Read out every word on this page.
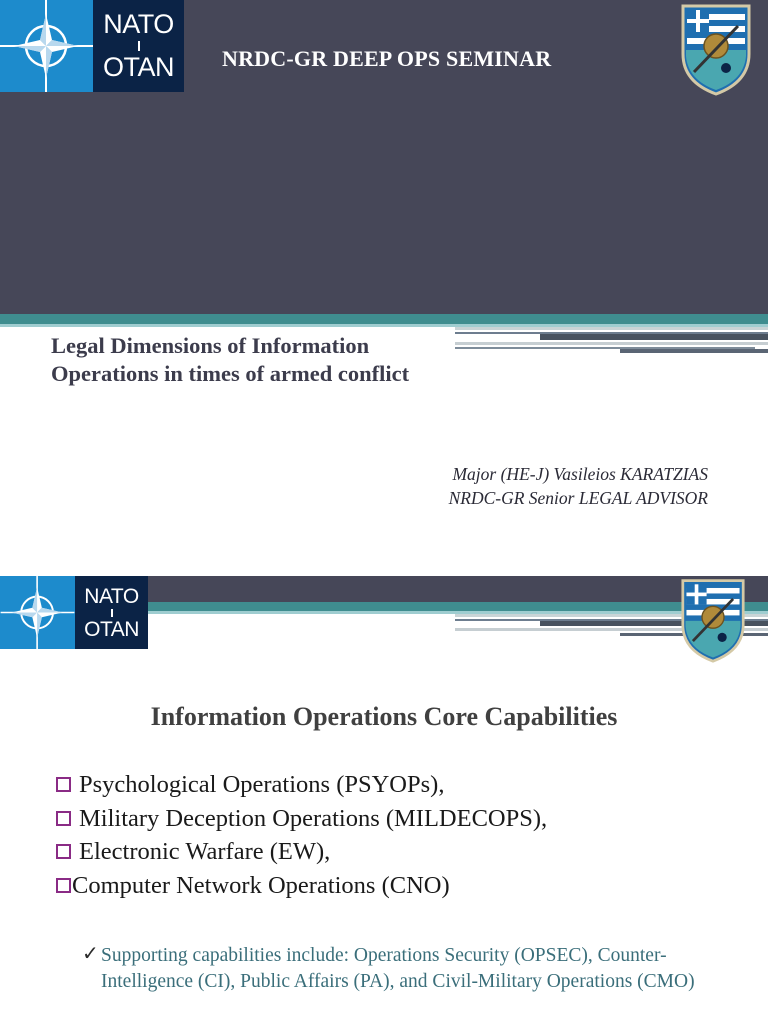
NATO
OTAN NRDC-GR DEEP OPS SEMINAR
Legal Dimensions of Information Operations in times of armed conflict
Major (HE-J) Vasileios KARATZIAS
NRDC-GR Senior LEGAL ADVISOR
NATO
OTAN
Information Operations Core Capabilities
Psychological Operations (PSYOPs),
Military Deception Operations (MILDECOPS),
Electronic Warfare (EW),
Computer Network Operations (CNO)
✓ Supporting capabilities include: Operations Security (OPSEC), Counter-Intelligence (CI), Public Affairs (PA), and Civil-Military Operations (CMO)
